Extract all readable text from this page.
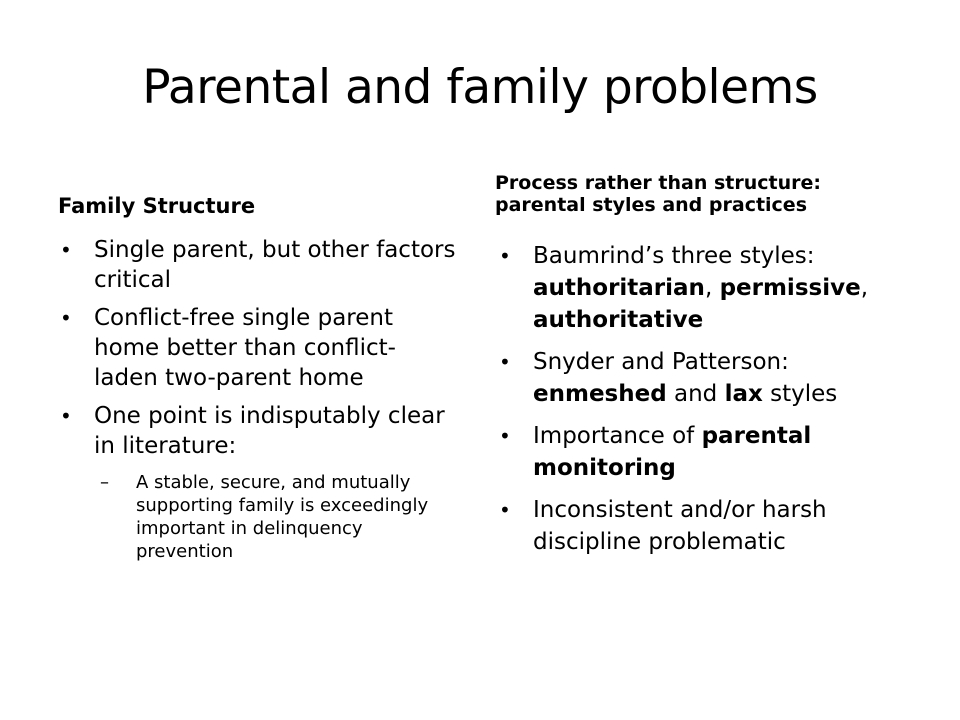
Parental and family problems
Family Structure
• Single parent, but other factors critical
• Conflict-free single parent home better than conflict-laden two-parent home
• One point is indisputably clear in literature:
– A stable, secure, and mutually supporting family is exceedingly important in delinquency prevention
Process rather than structure: parental styles and practices
• Baumrind’s three styles: authoritarian, permissive, authoritative
• Snyder and Patterson: enmeshed and lax styles
• Importance of parental monitoring
• Inconsistent and/or harsh discipline problematic
